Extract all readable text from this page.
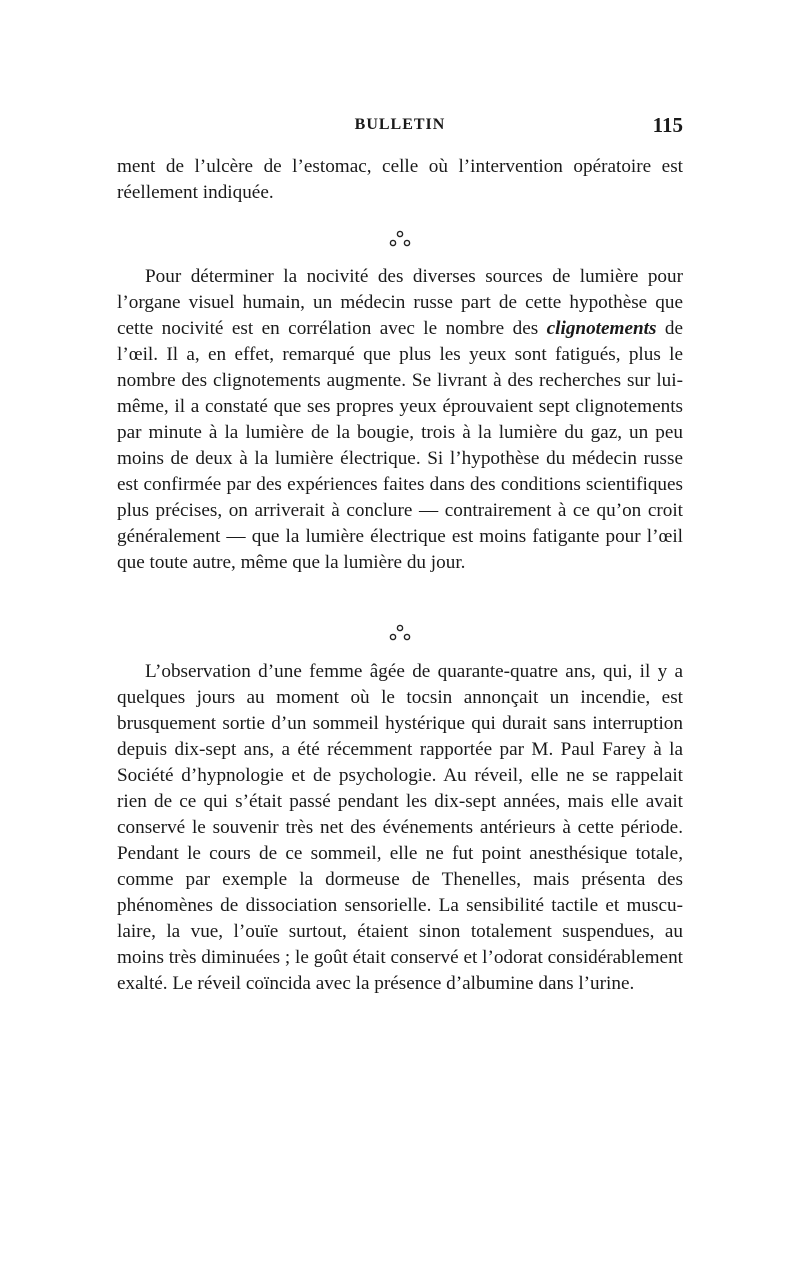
BULLETIN	115

ment de l’ulcère de l’estomac, celle où l’intervention opératoire est réellement indiquée.

Pour déterminer la nocivité des diverses sources de lumière pour l’organe visuel humain, un médecin russe part de cette hypothèse que cette nocivité est en corrélation avec le nombre des clignotements de l’œil. Il a, en effet, remarqué que plus les yeux sont fatigués, plus le nombre des clignotements augmente. Se livrant à des recherches sur lui-même, il a constaté que ses propres yeux éprouvaient sept clignotements par minute à la lumière de la bougie, trois à la lumière du gaz, un peu moins de deux à la lumière électrique. Si l’hypothèse du médecin russe est confirmée par des expériences faites dans des conditions scientifiques plus précises, on arriverait à conclure — contrairement à ce qu’on croit généralement — que la lumière électrique est moins fatigante pour l’œil que toute autre, même que la lumière du jour.

L’observation d’une femme âgée de quarante-quatre ans, qui, il y a quelques jours au moment où le tocsin annonçait un incendie, est brusquement sortie d’un sommeil hystérique qui durait sans interruption depuis dix-sept ans, a été récemment rapportée par M. Paul Farey à la Société d’hypnologie et de psychologie. Au réveil, elle ne se rappelait rien de ce qui s’était passé pendant les dix-sept années, mais elle avait conservé le souvenir très net des événements antérieurs à cette période. Pendant le cours de ce sommeil, elle ne fut point anesthésique totale, comme par exemple la dormeuse de Thenelles, mais présenta des phénomènes de dissociation sensorielle. La sensibilité tactile et musculaire, la vue, l’ouïe surtout, étaient sinon totalement suspendues, au moins très diminuées ; le goût était conservé et l’odorat considérablement exalté. Le réveil coïncida avec la présence d’albumine dans l’urine.
